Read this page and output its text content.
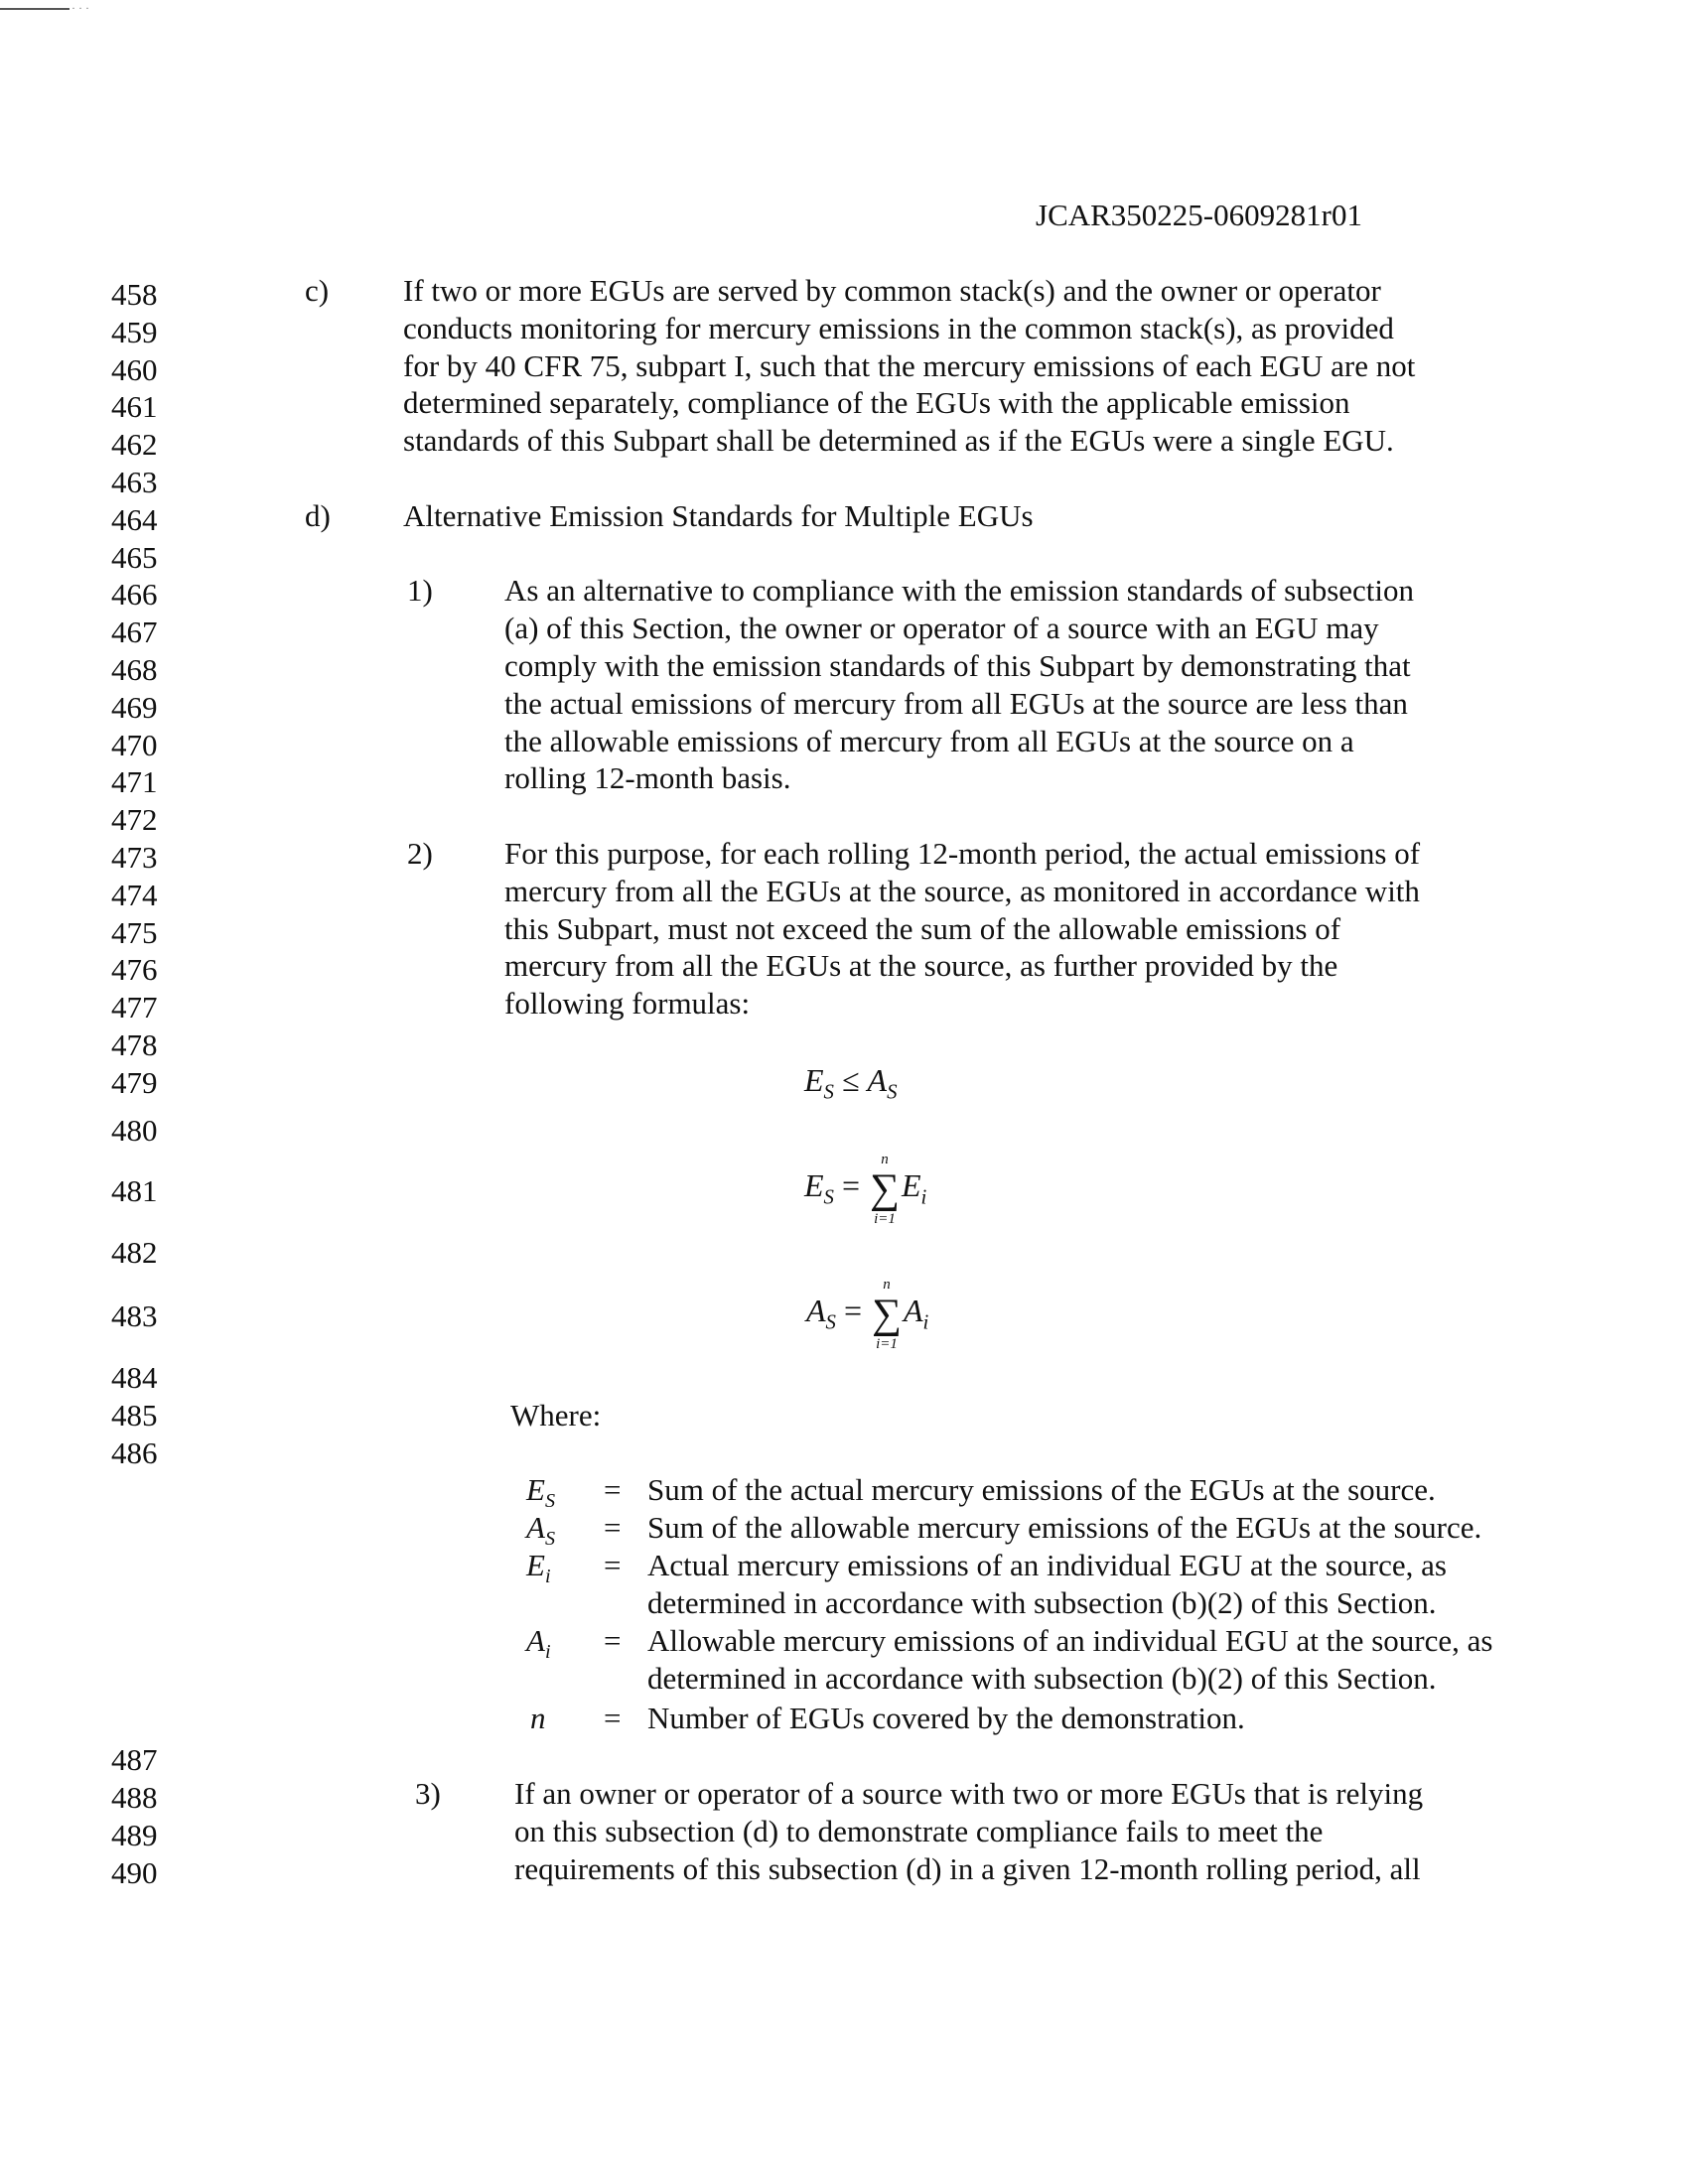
· · ·
JCAR350225-0609281r01
458
459
460
461
462
463
464
465
466
467
468
469
470
471
472
473
474
475
476
477
478
479
480
481
482
483
484
485
486
487
488
489
490
c) If two or more EGUs are served by common stack(s) and the owner or operator
conducts monitoring for mercury emissions in the common stack(s), as provided
for by 40 CFR 75, subpart I, such that the mercury emissions of each EGU are not
determined separately, compliance of the EGUs with the applicable emission
standards of this Subpart shall be determined as if the EGUs were a single EGU.
d) Alternative Emission Standards for Multiple EGUs
1) As an alternative to compliance with the emission standards of subsection
(a) of this Section, the owner or operator of a source with an EGU may
comply with the emission standards of this Subpart by demonstrating that
the actual emissions of mercury from all EGUs at the source are less than
the allowable emissions of mercury from all EGUs at the source on a
rolling 12-month basis.
2) For this purpose, for each rolling 12-month period, the actual emissions of
mercury from all the EGUs at the source, as monitored in accordance with
this Subpart, must not exceed the sum of the allowable emissions of
mercury from all the EGUs at the source, as further provided by the
following formulas:
$E_S \le A_S$
$E_S$ =
n
∑
i=1
$E_i$
$A_S$ =
n
∑
i=1
$A_i$
Where:
$E_S$ = Sum of the actual mercury emissions of the EGUs at the source.
$A_S$ = Sum of the allowable mercury emissions of the EGUs at the source.
$E_i$ = Actual mercury emissions of an individual EGU at the source, as
determined in accordance with subsection (b)(2) of this Section.
$A_i$ = Allowable mercury emissions of an individual EGU at the source, as
determined in accordance with subsection (b)(2) of this Section.
n = Number of EGUs covered by the demonstration.
3) If an owner or operator of a source with two or more EGUs that is relying
on this subsection (d) to demonstrate compliance fails to meet the
requirements of this subsection (d) in a given 12-month rolling period, all
